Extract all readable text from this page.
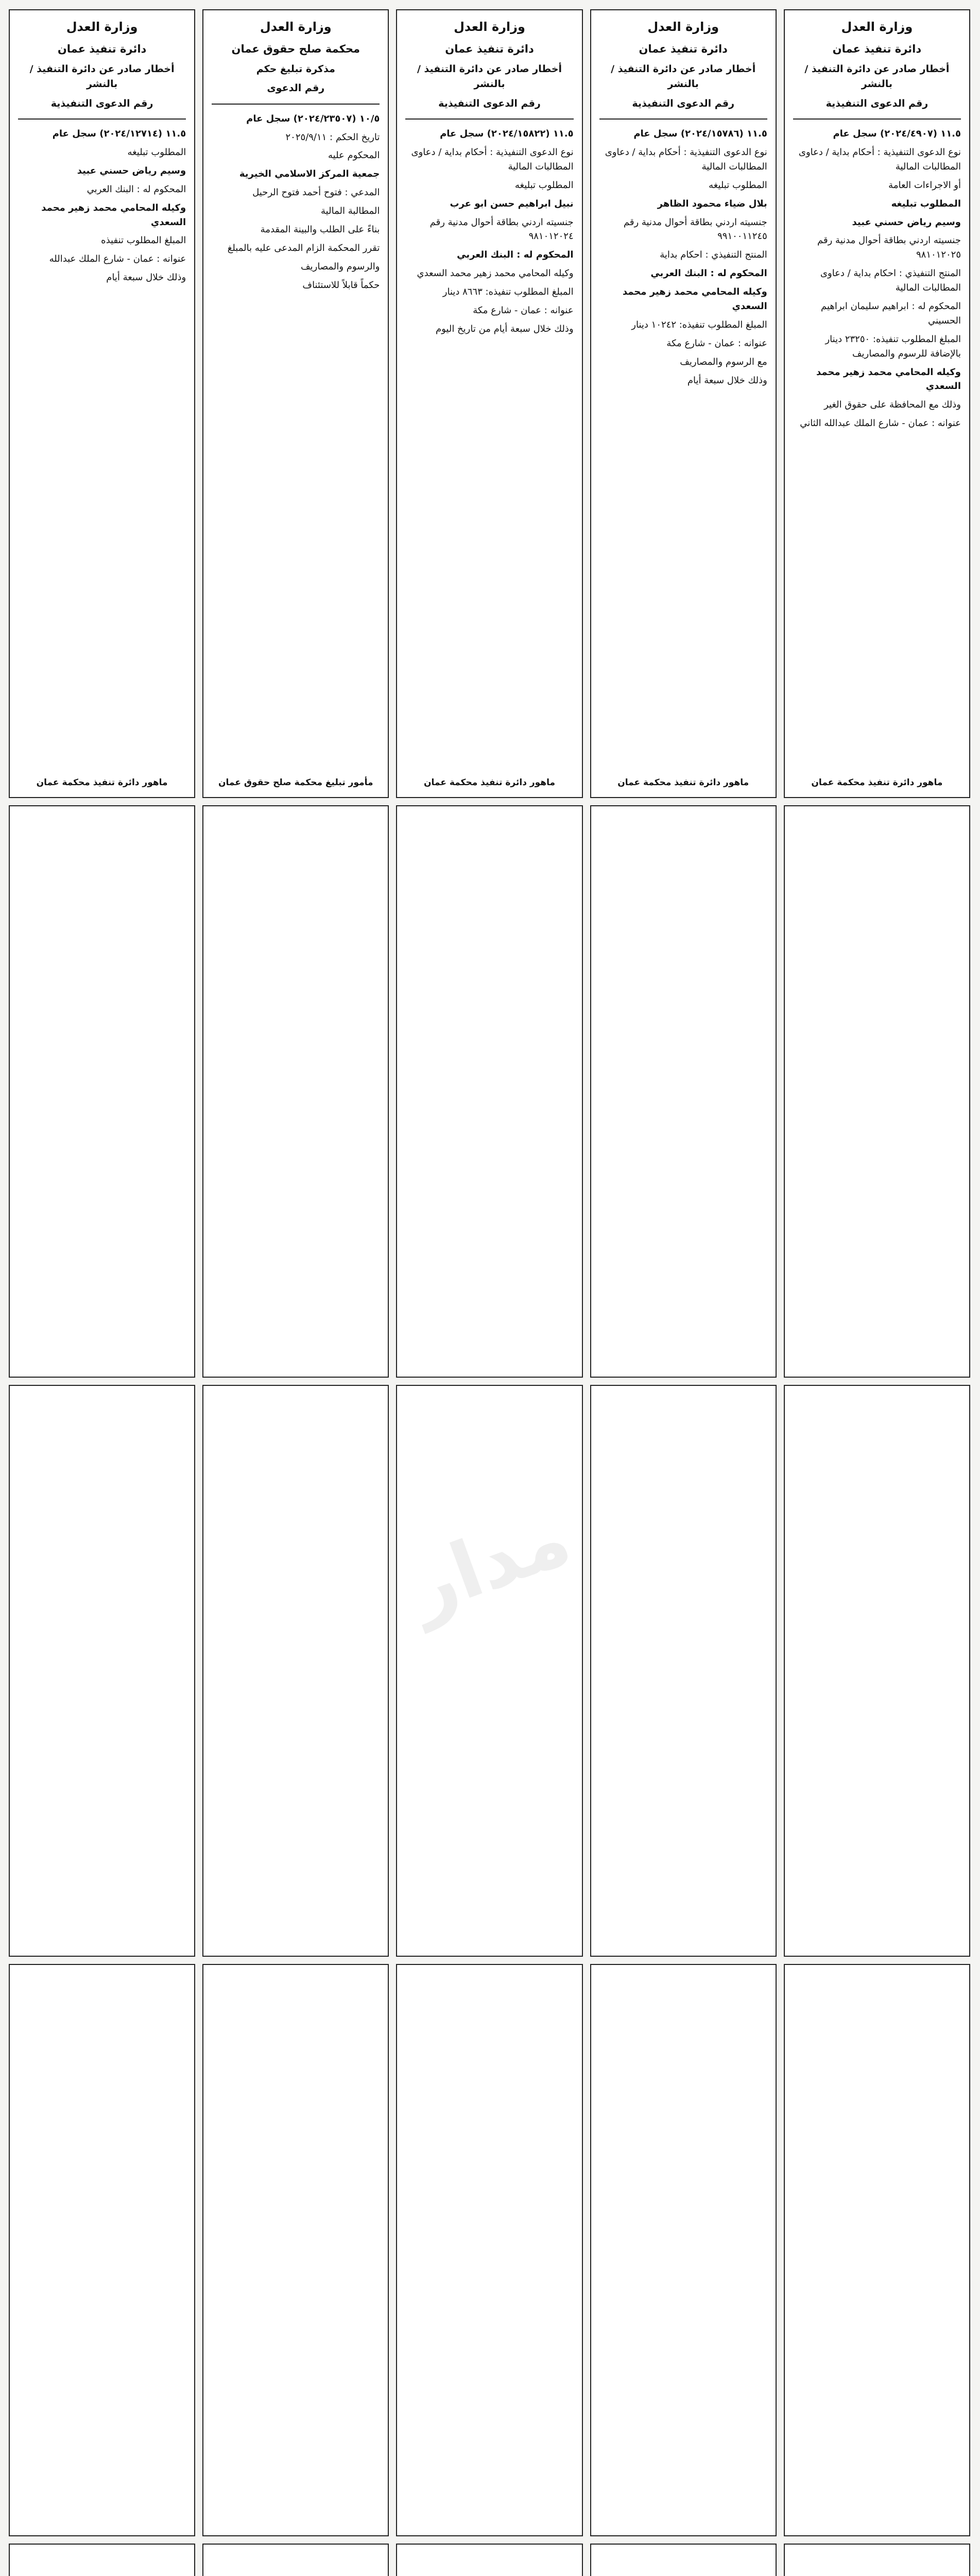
وزارة العدل
دائرة تنفيذ عمان
أخطار صادر عن دائرة التنفيذ / بالنشر
رقم الدعوى التنفيذية
١١.٥ (٢٠٢٤/٤٩٠٧) سجل عام
نوع الدعوى التنفيذية : أحكام بداية / دعاوى المطالبات المالية
أو الاجراءات العامة
المطلوب تبليغه
وسيم رياض حسني عبيد
جنسيته اردني بطاقة أحوال مدنية رقم ٩٨١٠١٢٠٢٥
المنتج التنفيذي : احكام بداية / دعاوى المطالبات المالية
المحكوم له : ابراهيم سليمان ابراهيم الحسيني
المبلغ المطلوب تنفيذه: ٢٣٢٥٠ دينار بالإضافة للرسوم والمصاريف
وكيله المحامي محمد زهير محمد السعدي
وذلك مع المحافظة على حقوق الغير
عنوانه : عمان - شارع الملك عبدالله الثاني
ماهور دائرة تنفيذ محكمة عمان
وزارة العدل
دائرة تنفيذ عمان
أخطار صادر عن دائرة التنفيذ / بالنشر
رقم الدعوى التنفيذية
١١.٥ (٢٠٢٤/١٥٧٨٦) سجل عام
نوع الدعوى التنفيذية : أحكام بداية / دعاوى المطالبات المالية
المطلوب تبليغه
بلال ضياء محمود الظاهر
جنسيته اردني بطاقة أحوال مدنية رقم ٩٩١٠٠١١٢٤٥
المنتج التنفيذي : احكام بداية
المحكوم له : البنك العربي
وكيله المحامي محمد زهير محمد السعدي
المبلغ المطلوب تنفيذه: ١٠٢٤٢ دينار
عنوانه : عمان - شارع مكة
مع الرسوم والمصاريف
وذلك خلال سبعة أيام
ماهور دائرة تنفيذ محكمة عمان
وزارة العدل
دائرة تنفيذ عمان
أخطار صادر عن دائرة التنفيذ / بالنشر
رقم الدعوى التنفيذية
١١.٥ (٢٠٢٤/١٥٨٢٢) سجل عام
نوع الدعوى التنفيذية : أحكام بداية / دعاوى المطالبات المالية
المطلوب تبليغه
نبيل ابراهيم حسن ابو عرب
جنسيته اردني بطاقة أحوال مدنية رقم ٩٨١٠١٢٠٢٤
المحكوم له : البنك العربي
وكيله المحامي محمد زهير محمد السعدي
المبلغ المطلوب تنفيذه: ٨٦٦٣ دينار
عنوانه : عمان - شارع مكة
وذلك خلال سبعة أيام من تاريخ اليوم
ماهور دائرة تنفيذ محكمة عمان
وزارة العدل
محكمة صلح حقوق عمان
مذكرة تبليغ حكم
رقم الدعوى
١٠/٥ (٢٠٢٤/٢٣٥٠٧) سجل عام
تاريخ الحكم : ٢٠٢٥/٩/١١
المحكوم عليه
جمعية المركز الاسلامي الخيرية
المدعي : فتوح أحمد فتوح الرحيل
المطالبة المالية
بناءً على الطلب والبينة المقدمة
تقرر المحكمة الزام المدعى عليه بالمبلغ
والرسوم والمصاريف
حكماً قابلاً للاستئناف
مأمور تبليغ محكمة صلح حقوق عمان
وزارة العدل
دائرة تنفيذ عمان
أخطار صادر عن دائرة التنفيذ / بالنشر
رقم الدعوى التنفيذية
١١.٥ (٢٠٢٤/١٢٧١٤) سجل عام
المطلوب تبليغه
وسيم رياض حسني عبيد
المحكوم له : البنك العربي
وكيله المحامي محمد زهير محمد السعدي
المبلغ المطلوب تنفيذه
عنوانه : عمان - شارع الملك عبدالله
وذلك خلال سبعة أيام
ماهور دائرة تنفيذ محكمة عمان
